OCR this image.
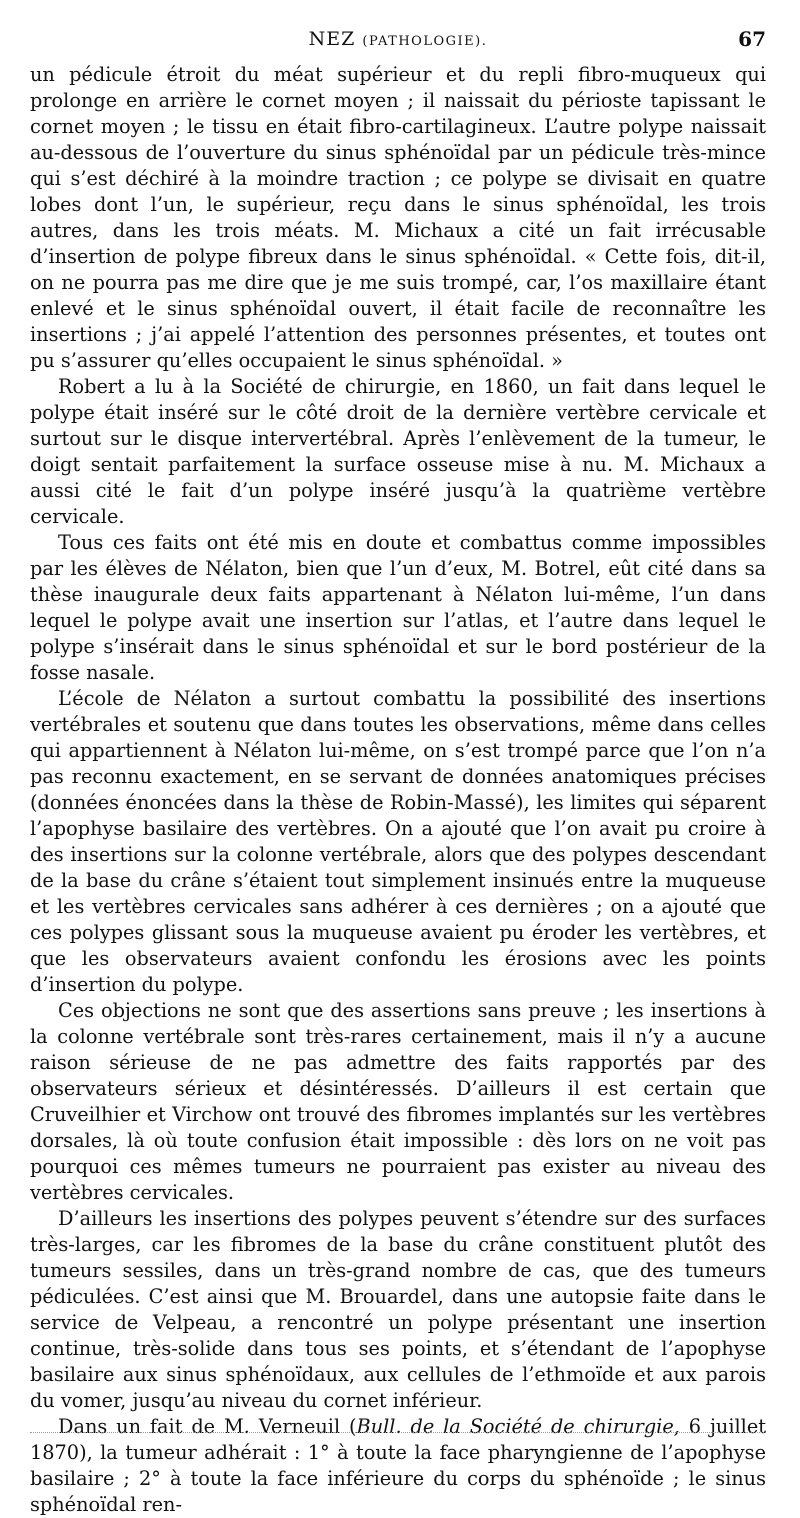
NEZ (PATHOLOGIE).	67

un pédicule étroit du méat supérieur et du repli fibro-muqueux qui prolonge en arrière le cornet moyen ; il naissait du périoste tapissant le cornet moyen ; le tissu en était fibro-cartilagineux. L’autre polype naissait au-dessous de l’ouverture du sinus sphénoïdal par un pédicule très-mince qui s’est déchiré à la moindre traction ; ce polype se divisait en quatre lobes dont l’un, le supérieur, reçu dans le sinus sphénoïdal, les trois autres, dans les trois méats. M. Michaux a cité un fait irrécusable d’insertion de polype fibreux dans le sinus sphénoïdal. « Cette fois, dit-il, on ne pourra pas me dire que je me suis trompé, car, l’os maxillaire étant enlevé et le sinus sphénoïdal ouvert, il était facile de reconnaître les insertions ; j’ai appelé l’attention des personnes présentes, et toutes ont pu s’assurer qu’elles occupaient le sinus sphénoïdal. »

Robert a lu à la Société de chirurgie, en 1860, un fait dans lequel le polype était inséré sur le côté droit de la dernière vertèbre cervicale et surtout sur le disque intervertébral. Après l’enlèvement de la tumeur, le doigt sentait parfaitement la surface osseuse mise à nu. M. Michaux a aussi cité le fait d’un polype inséré jusqu’à la quatrième vertèbre cervicale.

Tous ces faits ont été mis en doute et combattus comme impossibles par les élèves de Nélaton, bien que l’un d’eux, M. Botrel, eût cité dans sa thèse inaugurale deux faits appartenant à Nélaton lui-même, l’un dans lequel le polype avait une insertion sur l’atlas, et l’autre dans lequel le polype s’insérait dans le sinus sphénoïdal et sur le bord postérieur de la fosse nasale.

L’école de Nélaton a surtout combattu la possibilité des insertions vertébrales et soutenu que dans toutes les observations, même dans celles qui appartiennent à Nélaton lui-même, on s’est trompé parce que l’on n’a pas reconnu exactement, en se servant de données anatomiques précises (données énoncées dans la thèse de Robin-Massé), les limites qui séparent l’apophyse basilaire des vertèbres. On a ajouté que l’on avait pu croire à des insertions sur la colonne vertébrale, alors que des polypes descendant de la base du crâne s’étaient tout simplement insinués entre la muqueuse et les vertèbres cervicales sans adhérer à ces dernières ; on a ajouté que ces polypes glissant sous la muqueuse avaient pu éroder les vertèbres, et que les observateurs avaient confondu les érosions avec les points d’insertion du polype.

Ces objections ne sont que des assertions sans preuve ; les insertions à la colonne vertébrale sont très-rares certainement, mais il n’y a aucune raison sérieuse de ne pas admettre des faits rapportés par des observateurs sérieux et désintéressés. D’ailleurs il est certain que Cruveilhier et Virchow ont trouvé des fibromes implantés sur les vertèbres dorsales, là où toute confusion était impossible : dès lors on ne voit pas pourquoi ces mêmes tumeurs ne pourraient pas exister au niveau des vertèbres cervicales.

D’ailleurs les insertions des polypes peuvent s’étendre sur des surfaces très-larges, car les fibromes de la base du crâne constituent plutôt des tumeurs sessiles, dans un très-grand nombre de cas, que des tumeurs pédiculées. C’est ainsi que M. Brouardel, dans une autopsie faite dans le service de Velpeau, a rencontré un polype présentant une insertion continue, très-solide dans tous ses points, et s’étendant de l’apophyse basilaire aux sinus sphénoïdaux, aux cellules de l’ethmoïde et aux parois du vomer, jusqu’au niveau du cornet inférieur.

Dans un fait de M. Verneuil (Bull. de la Société de chirurgie, 6 juillet 1870), la tumeur adhérait : 1° à toute la face pharyngienne de l’apophyse basilaire ; 2° à toute la face inférieure du corps du sphénoïde ; le sinus sphénoïdal ren-
